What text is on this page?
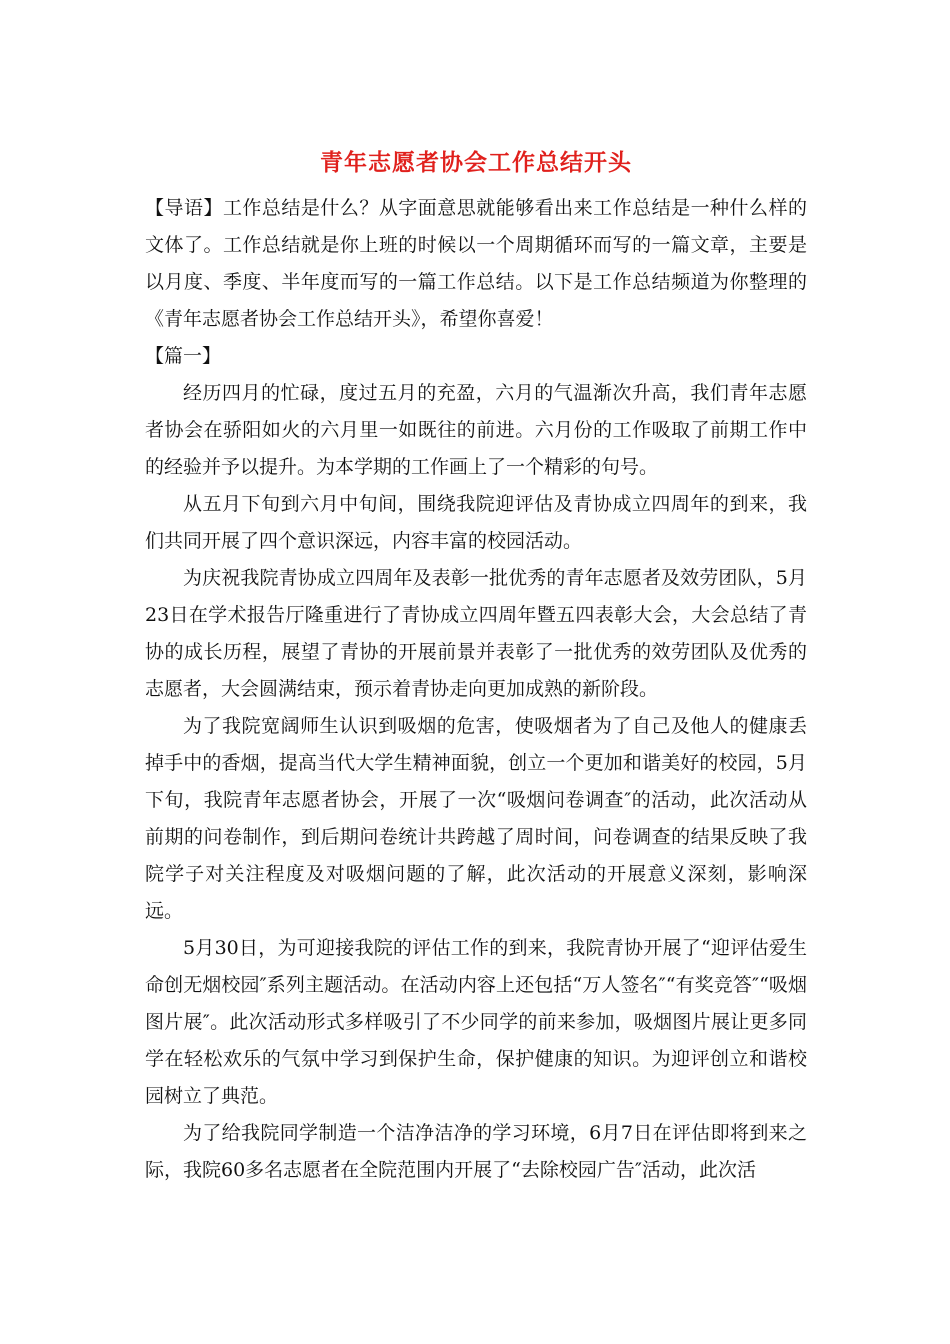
青年志愿者协会工作总结开头

【导语】工作总结是什么？从字面意思就能够看出来工作总结是一种什么样的文体了。工作总结就是你上班的时候以一个周期循环而写的一篇文章，主要是以月度、季度、半年度而写的一篇工作总结。以下是工作总结频道为你整理的《青年志愿者协会工作总结开头》，希望你喜爱！

【篇一】

经历四月的忙碌，度过五月的充盈，六月的气温渐次升高，我们青年志愿者协会在骄阳如火的六月里一如既往的前进。六月份的工作吸取了前期工作中的经验并予以提升。为本学期的工作画上了一个精彩的句号。

从五月下旬到六月中旬间，围绕我院迎评估及青协成立四周年的到来，我们共同开展了四个意识深远，内容丰富的校园活动。

为庆祝我院青协成立四周年及表彰一批优秀的青年志愿者及效劳团队，5月23日在学术报告厅隆重进行了青协成立四周年暨五四表彰大会，大会总结了青协的成长历程，展望了青协的开展前景并表彰了一批优秀的效劳团队及优秀的志愿者，大会圆满结束，预示着青协走向更加成熟的新阶段。

为了我院宽阔师生认识到吸烟的危害，使吸烟者为了自己及他人的健康丢掉手中的香烟，提高当代大学生精神面貌，创立一个更加和谐美好的校园，5月下旬，我院青年志愿者协会，开展了一次“吸烟问卷调查″的活动，此次活动从前期的问卷制作，到后期问卷统计共跨越了周时间，问卷调查的结果反映了我院学子对关注程度及对吸烟问题的了解，此次活动的开展意义深刻，影响深远。

5月30日，为可迎接我院的评估工作的到来，我院青协开展了“迎评估爱生命创无烟校园″系列主题活动。在活动内容上还包括“万人签名″“有奖竞答″“吸烟图片展″。此次活动形式多样吸引了不少同学的前来参加，吸烟图片展让更多同学在轻松欢乐的气氛中学习到保护生命，保护健康的知识。为迎评创立和谐校园树立了典范。

为了给我院同学制造一个洁净洁净的学习环境，6月7日在评估即将到来之际，我院60多名志愿者在全院范围内开展了“去除校园广告″活动，此次活
